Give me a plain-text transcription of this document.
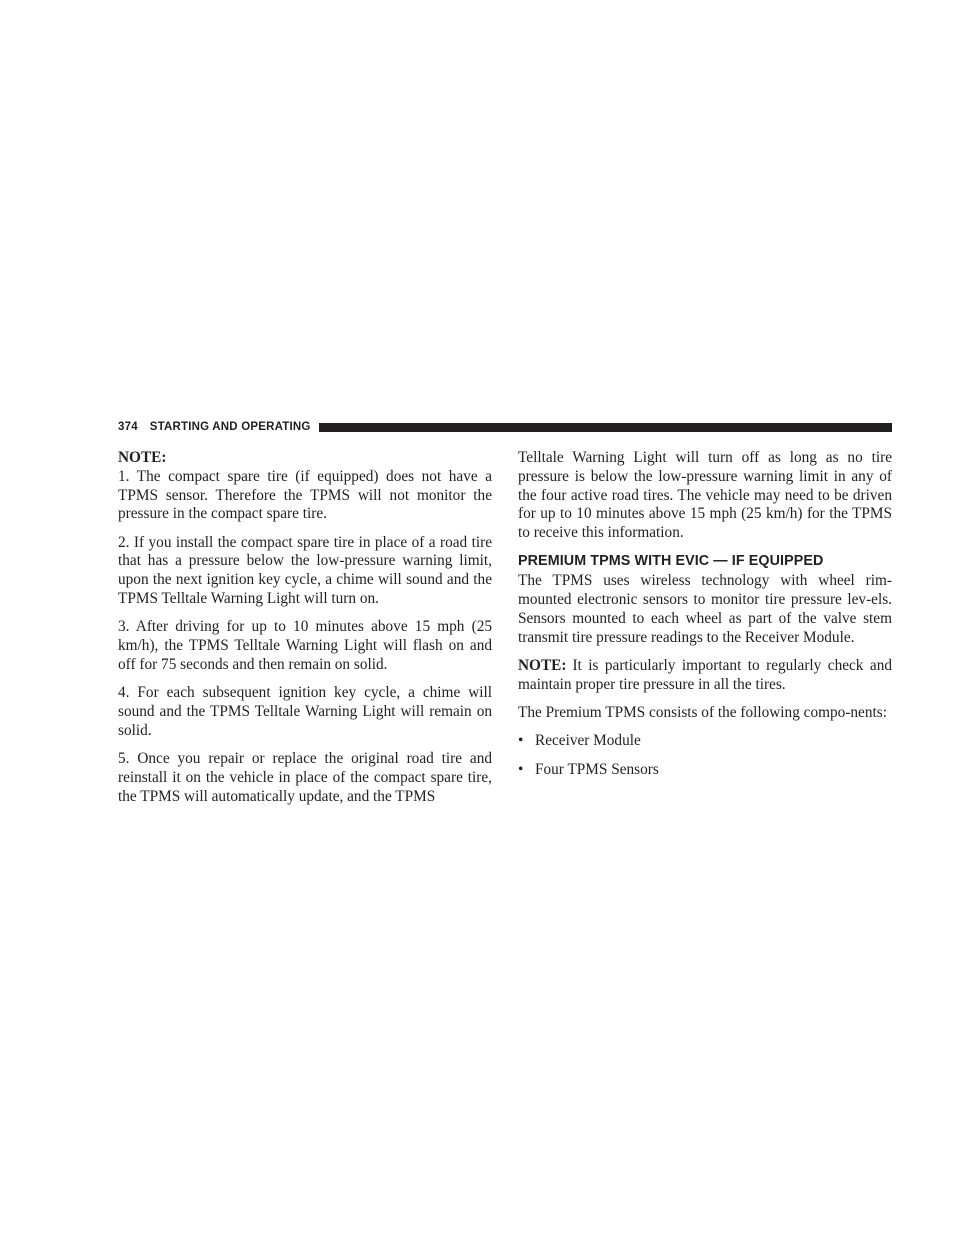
374 STARTING AND OPERATING

NOTE:

1. The compact spare tire (if equipped) does not have a TPMS sensor. Therefore the TPMS will not monitor the pressure in the compact spare tire.

2. If you install the compact spare tire in place of a road tire that has a pressure below the low-pressure warning limit, upon the next ignition key cycle, a chime will sound and the TPMS Telltale Warning Light will turn on.

3. After driving for up to 10 minutes above 15 mph (25 km/h), the TPMS Telltale Warning Light will flash on and off for 75 seconds and then remain on solid.

4. For each subsequent ignition key cycle, a chime will sound and the TPMS Telltale Warning Light will remain on solid.

5. Once you repair or replace the original road tire and reinstall it on the vehicle in place of the compact spare tire, the TPMS will automatically update, and the TPMS

Telltale Warning Light will turn off as long as no tire pressure is below the low-pressure warning limit in any of the four active road tires. The vehicle may need to be driven for up to 10 minutes above 15 mph (25 km/h) for the TPMS to receive this information.

PREMIUM TPMS WITH EVIC — IF EQUIPPED

The TPMS uses wireless technology with wheel rim-mounted electronic sensors to monitor tire pressure lev-els. Sensors mounted to each wheel as part of the valve stem transmit tire pressure readings to the Receiver Module.

NOTE: It is particularly important to regularly check and maintain proper tire pressure in all the tires.

The Premium TPMS consists of the following compo-nents:

• Receiver Module
• Four TPMS Sensors
